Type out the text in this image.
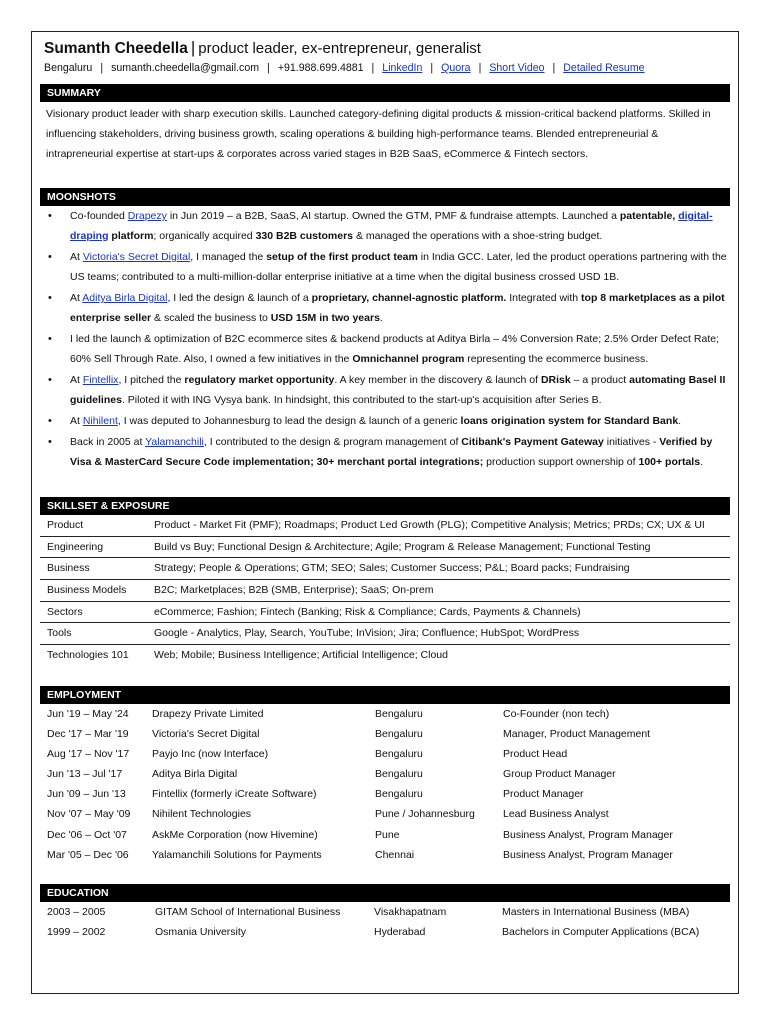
Sumanth Cheedella | product leader, ex-entrepreneur, generalist
Bengaluru | sumanth.cheedella@gmail.com | +91.988.699.4881 | LinkedIn | Quora | Short Video | Detailed Resume
SUMMARY
Visionary product leader with sharp execution skills. Launched category-defining digital products & mission-critical backend platforms. Skilled in influencing stakeholders, driving business growth, scaling operations & building high-performance teams. Blended entrepreneurial & intrapreneurial expertise at start-ups & corporates across varied stages in B2B SaaS, eCommerce & Fintech sectors.
MOONSHOTS
• Co-founded Drapezy in Jun 2019 – a B2B, SaaS, AI startup. Owned the GTM, PMF & fundraise attempts. Launched a patentable, digital-draping platform; organically acquired 330 B2B customers & managed the operations with a shoe-string budget.
• At Victoria's Secret Digital, I managed the setup of the first product team in India GCC. Later, led the product operations partnering with the US teams; contributed to a multi-million-dollar enterprise initiative at a time when the digital business crossed USD 1B.
• At Aditya Birla Digital, I led the design & launch of a proprietary, channel-agnostic platform. Integrated with top 8 marketplaces as a pilot enterprise seller & scaled the business to USD 15M in two years.
• I led the launch & optimization of B2C ecommerce sites & backend products at Aditya Birla – 4% Conversion Rate; 2.5% Order Defect Rate; 60% Sell Through Rate. Also, I owned a few initiatives in the Omnichannel program representing the ecommerce business.
• At Fintellix, I pitched the regulatory market opportunity. A key member in the discovery & launch of DRisk – a product automating Basel II guidelines. Piloted it with ING Vysya bank. In hindsight, this contributed to the start-up's acquisition after Series B.
• At Nihilent, I was deputed to Johannesburg to lead the design & launch of a generic loans origination system for Standard Bank.
• Back in 2005 at Yalamanchili, I contributed to the design & program management of Citibank's Payment Gateway initiatives - Verified by Visa & MasterCard Secure Code implementation; 30+ merchant portal integrations; production support ownership of 100+ portals.
SKILLSET & EXPOSURE
Product	Product - Market Fit (PMF); Roadmaps; Product Led Growth (PLG); Competitive Analysis; Metrics; PRDs; CX; UX & UI
Engineering	Build vs Buy; Functional Design & Architecture; Agile; Program & Release Management; Functional Testing
Business	Strategy; People & Operations; GTM; SEO; Sales; Customer Success; P&L; Board packs; Fundraising
Business Models	B2C; Marketplaces; B2B (SMB, Enterprise); SaaS; On-prem
Sectors	eCommerce; Fashion; Fintech (Banking; Risk & Compliance; Cards, Payments & Channels)
Tools	Google - Analytics, Play, Search, YouTube; InVision; Jira; Confluence; HubSpot; WordPress
Technologies 101	Web; Mobile; Business Intelligence; Artificial Intelligence; Cloud
EMPLOYMENT
Jun '19 – May '24	Drapezy Private Limited	Bengaluru	Co-Founder (non tech)
Dec '17 – Mar '19	Victoria's Secret Digital	Bengaluru	Manager, Product Management
Aug '17 – Nov '17	Payjo Inc (now Interface)	Bengaluru	Product Head
Jun '13 – Jul '17	Aditya Birla Digital	Bengaluru	Group Product Manager
Jun '09 – Jun '13	Fintellix (formerly iCreate Software)	Bengaluru	Product Manager
Nov '07 – May '09	Nihilent Technologies	Pune / Johannesburg	Lead Business Analyst
Dec '06 – Oct '07	AskMe Corporation (now Hivemine)	Pune	Business Analyst, Program Manager
Mar '05 – Dec '06	Yalamanchili Solutions for Payments	Chennai	Business Analyst, Program Manager
EDUCATION
2003 – 2005	GITAM School of International Business	Visakhapatnam	Masters in International Business (MBA)
1999 – 2002	Osmania University	Hyderabad	Bachelors in Computer Applications (BCA)
